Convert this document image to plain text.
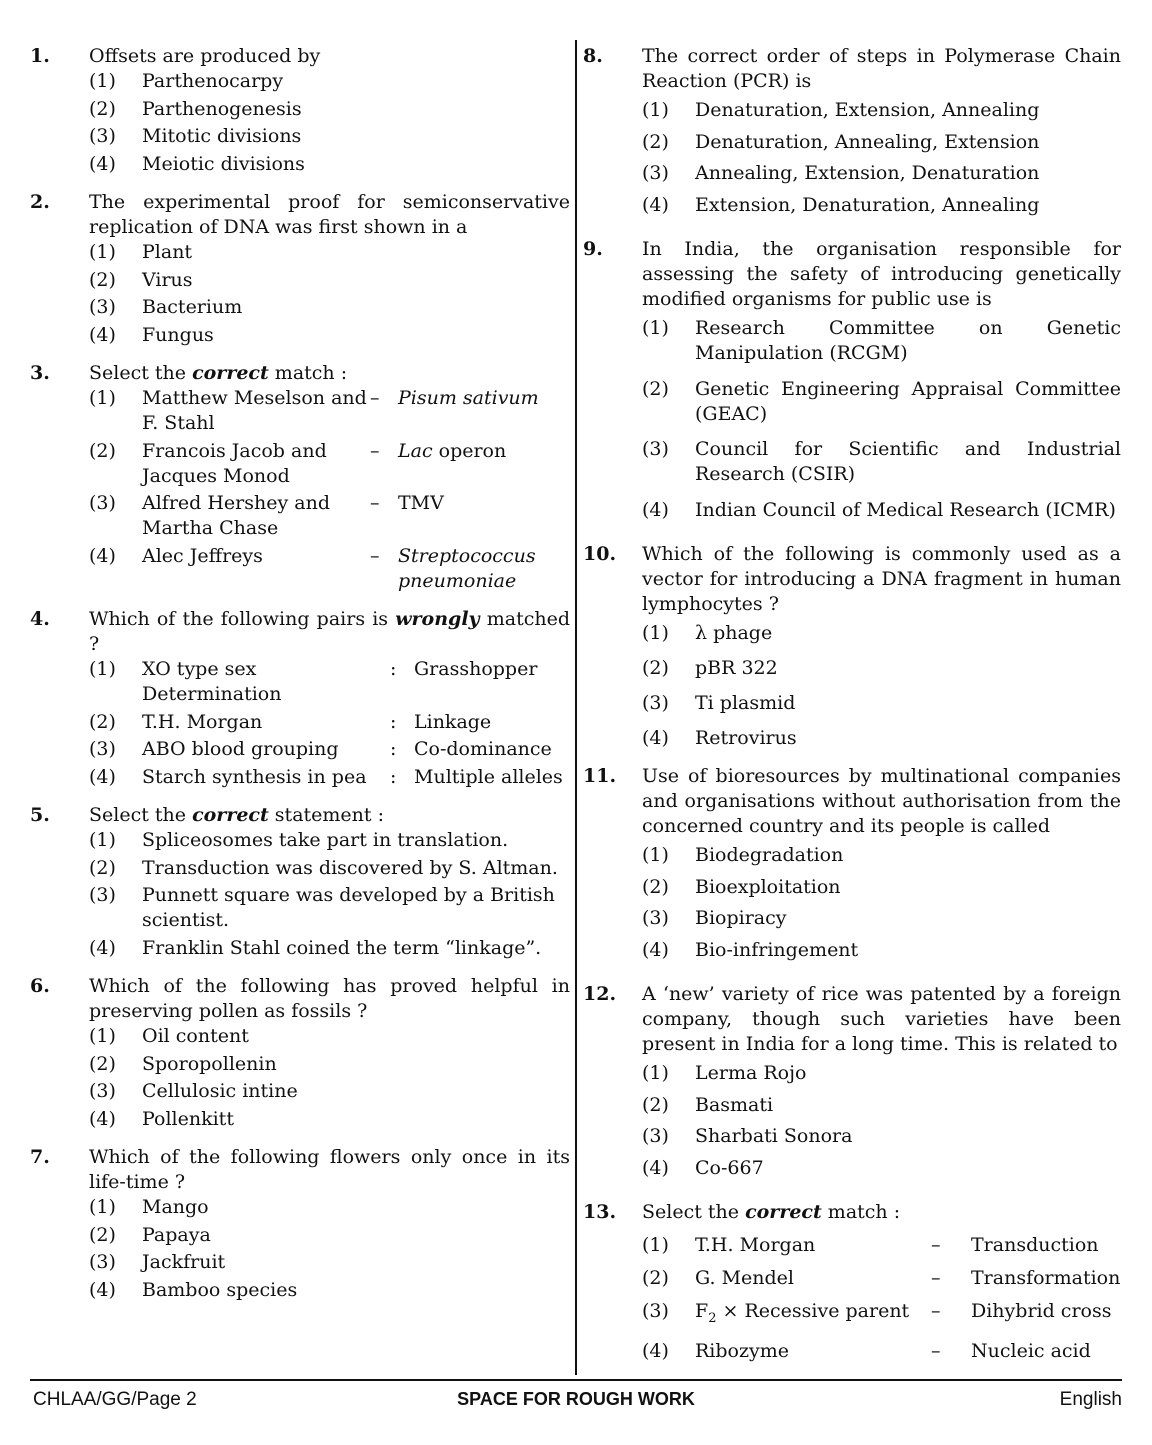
1.	Offsets are produced by
(1)	Parthenocarpy
(2)	Parthenogenesis
(3)	Mitotic divisions
(4)	Meiotic divisions
2.	The experimental proof for semiconservative replication of DNA was first shown in a
(1)	Plant
(2)	Virus
(3)	Bacterium
(4)	Fungus
3.	Select the correct match :
(1)	Matthew Meselson and F. Stahl
– Pisum sativum
(2)	Francois Jacob and Jacques Monod
– Lac operon
(3)	Alfred Hershey and Martha Chase
– TMV
(4)	Alec Jeffreys	– Streptococcus pneumoniae
4.	Which of the following pairs is wrongly matched ?
(1)	XO type sex Determination
: Grasshopper
(2)	T.H. Morgan	: Linkage
(3)	ABO blood grouping	: Co-dominance
(4)	Starch synthesis in pea	: Multiple alleles
5.	Select the correct statement :
(1)	Spliceosomes take part in translation.
(2)	Transduction was discovered by S. Altman.
(3)	Punnett square was developed by a British scientist.
(4)	Franklin Stahl coined the term “linkage”.
6.	Which of the following has proved helpful in preserving pollen as fossils ?
(1)	Oil content
(2)	Sporopollenin
(3)	Cellulosic intine
(4)	Pollenkitt
7.	Which of the following flowers only once in its life-time ?
(1)	Mango
(2)	Papaya
(3)	Jackfruit
(4)	Bamboo species
8.	The correct order of steps in Polymerase Chain Reaction (PCR) is
(1)	Denaturation, Extension, Annealing
(2)	Denaturation, Annealing, Extension
(3)	Annealing, Extension, Denaturation
(4)	Extension, Denaturation, Annealing
9.	In India, the organisation responsible for assessing the safety of introducing genetically modified organisms for public use is
(1)	Research Committee on Genetic Manipulation (RCGM)
(2)	Genetic Engineering Appraisal Committee (GEAC)
(3)	Council for Scientific and Industrial Research (CSIR)
(4)	Indian Council of Medical Research (ICMR)
10.	Which of the following is commonly used as a vector for introducing a DNA fragment in human lymphocytes ?
(1)	λ phage
(2)	pBR 322
(3)	Ti plasmid
(4)	Retrovirus
11.	Use of bioresources by multinational companies and organisations without authorisation from the concerned country and its people is called
(1)	Biodegradation
(2)	Bioexploitation
(3)	Biopiracy
(4)	Bio-infringement
12.	A ‘new’ variety of rice was patented by a foreign company, though such varieties have been present in India for a long time. This is related to
(1)	Lerma Rojo
(2)	Basmati
(3)	Sharbati Sonora
(4)	Co-667
13.	Select the correct match :
(1)	T.H. Morgan	–	Transduction
(2)	G. Mendel	–	Transformation
(3)	$F_2$ × Recessive parent	–	Dihybrid cross
(4)	Ribozyme	–	Nucleic acid
CHLAA/GG/Page 2	SPACE FOR ROUGH WORK	English
